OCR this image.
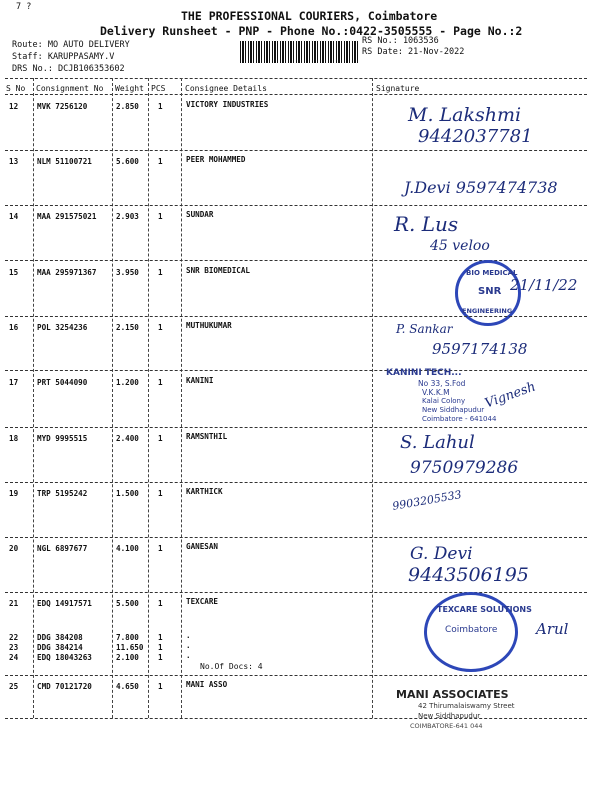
7 ?
THE PROFESSIONAL COURIERS, Coimbatore
Delivery Runsheet - PNP - Phone No.:0422-3505555 - Page No.:2
Route: MO AUTO DELIVERY
Staff: KARUPPASAMY.V
DRS No.: DCJB106353602
RS No.: 1063536
RS Date: 21-Nov-2022
S No Consignment No Weight PCS Consignee Details	Signature
12 MVK 7256120	2.850	1	VICTORY INDUSTRIES	M. Lakshmi
9442037781
13 NLM 51100721	5.600	1	PEER MOHAMMED
J.Devi 9597474738
14 MAA 291575021	2.903	1	SUNDAR	R. Lus
45 veloo
15 MAA 295971367	3.950	1	SNR BIOMEDICAL	BIO MEDICAL
SNR
ENGINEERING
21/11/22
16 POL 3254236	2.150	1	MUTHUKUMAR	P. Sankar
9597174138
17 PRT 5044090	1.200	1	KANINI
KANINI TECH...
No 33, S.Fod
V.K.K.M
Kalai Colony
New Siddhapudur
Coimbatore - 641044
Vignesh
18 MYD 9995515	2.400	1	RAMSNTHIL	S. Lahul
9750979286
19 TRP 5195242	1.500	1	KARTHICK	9903205533
20 NGL 6897677	4.100	1	GANESAN	G. Devi
9443506195
21 EDQ 14917571	5.500	1	TEXCARE
22 DDG 384208	7.800	1	.
23 DDG 384214	11.650 1	.
24 EDQ 18043263	2.100	1	.
No.Of Docs: 4
TEXCARE SOLUTIONS
Coimbatore	Arul
25 CMD 70121720	4.650	1	MANI ASSO
MANI ASSOCIATES
42 Thirumalaiswamy Street
New Siddhapudur
COIMBATORE-641 044
